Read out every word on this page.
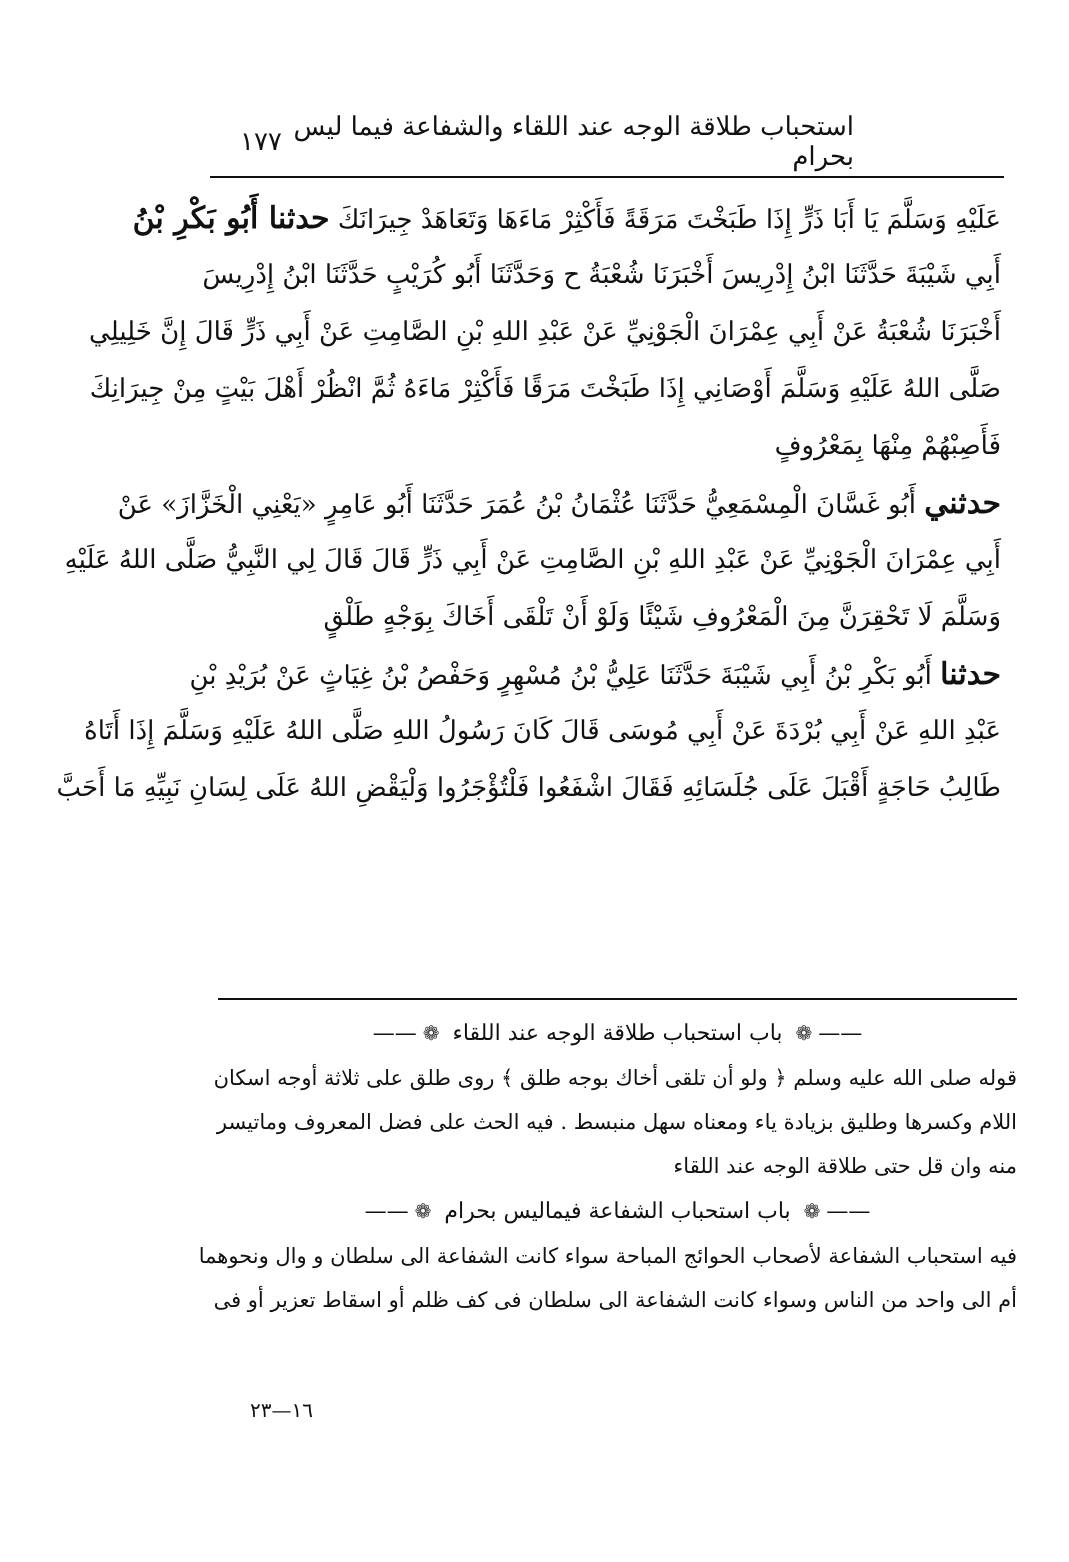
استحباب طلاقة الوجه عند اللقاء والشفاعة فيما ليس بحرام
١٧٧
عَلَيْهِ وَسَلَّمَ يَا أَبَا ذَرٍّ إِذَا طَبَخْتَ مَرَقَةً فَأَكْثِرْ مَاءَهَا وَتَعَاهَدْ جِيرَانَكَ حدثنا أَبُو بَكْرِ بْنُ
أَبِي شَيْبَةَ حَدَّثَنَا ابْنُ إِدْرِيسَ أَخْبَرَنَا شُعْبَةُ ح وَحَدَّثَنَا أَبُو كُرَيْبٍ حَدَّثَنَا ابْنُ إِدْرِيسَ
أَخْبَرَنَا شُعْبَةُ عَنْ أَبِي عِمْرَانَ الْجَوْنِيِّ عَنْ عَبْدِ اللهِ بْنِ الصَّامِتِ عَنْ أَبِي ذَرٍّ قَالَ إِنَّ خَلِيلِي
صَلَّى اللهُ عَلَيْهِ وَسَلَّمَ أَوْصَانِي إِذَا طَبَخْتَ مَرَقًا فَأَكْثِرْ مَاءَهُ ثُمَّ انْظُرْ أَهْلَ بَيْتٍ مِنْ جِيرَانِكَ
فَأَصِبْهُمْ مِنْهَا بِمَعْرُوفٍ
حدثني أَبُو غَسَّانَ الْمِسْمَعِيُّ حَدَّثَنَا عُثْمَانُ بْنُ عُمَرَ حَدَّثَنَا أَبُو عَامِرٍ «يَعْنِي الْخَزَّازَ» عَنْ
أَبِي عِمْرَانَ الْجَوْنِيِّ عَنْ عَبْدِ اللهِ بْنِ الصَّامِتِ عَنْ أَبِي ذَرٍّ قَالَ قَالَ لِي النَّبِيُّ صَلَّى اللهُ عَلَيْهِ
وَسَلَّمَ لَا تَحْقِرَنَّ مِنَ الْمَعْرُوفِ شَيْئًا وَلَوْ أَنْ تَلْقَى أَخَاكَ بِوَجْهٍ طَلْقٍ
حدثنا أَبُو بَكْرِ بْنُ أَبِي شَيْبَةَ حَدَّثَنَا عَلِيُّ بْنُ مُسْهِرٍ وَحَفْصُ بْنُ غِيَاثٍ عَنْ بُرَيْدِ بْنِ
عَبْدِ اللهِ عَنْ أَبِي بُرْدَةَ عَنْ أَبِي مُوسَى قَالَ كَانَ رَسُولُ اللهِ صَلَّى اللهُ عَلَيْهِ وَسَلَّمَ إِذَا أَتَاهُ
طَالِبُ حَاجَةٍ أَقْبَلَ عَلَى جُلَسَائِهِ فَقَالَ اشْفَعُوا فَلْتُؤْجَرُوا وَلْيَقْضِ اللهُ عَلَى لِسَانِ نَبِيِّهِ مَا أَحَبَّ
——❁ باب استحباب طلاقة الوجه عند اللقاء ❁——
قوله صلى الله عليه وسلم ﴿ ولو أن تلقى أخاك بوجه طلق ﴾ روى طلق على ثلاثة أوجه اسكان
اللام وكسرها وطليق بزيادة ياء ومعناه سهل منبسط . فيه الحث على فضل المعروف وماتيسر
منه وان قل حتى طلاقة الوجه عند اللقاء
——❁ باب استحباب الشفاعة فيماليس بحرام ❁——
فيه استحباب الشفاعة لأصحاب الحوائج المباحة سواء كانت الشفاعة الى سلطان و وال ونحوهما
أم الى واحد من الناس وسواء كانت الشفاعة الى سلطان فى كف ظلم أو اسقاط تعزير أو فى
١٦—٢٣
